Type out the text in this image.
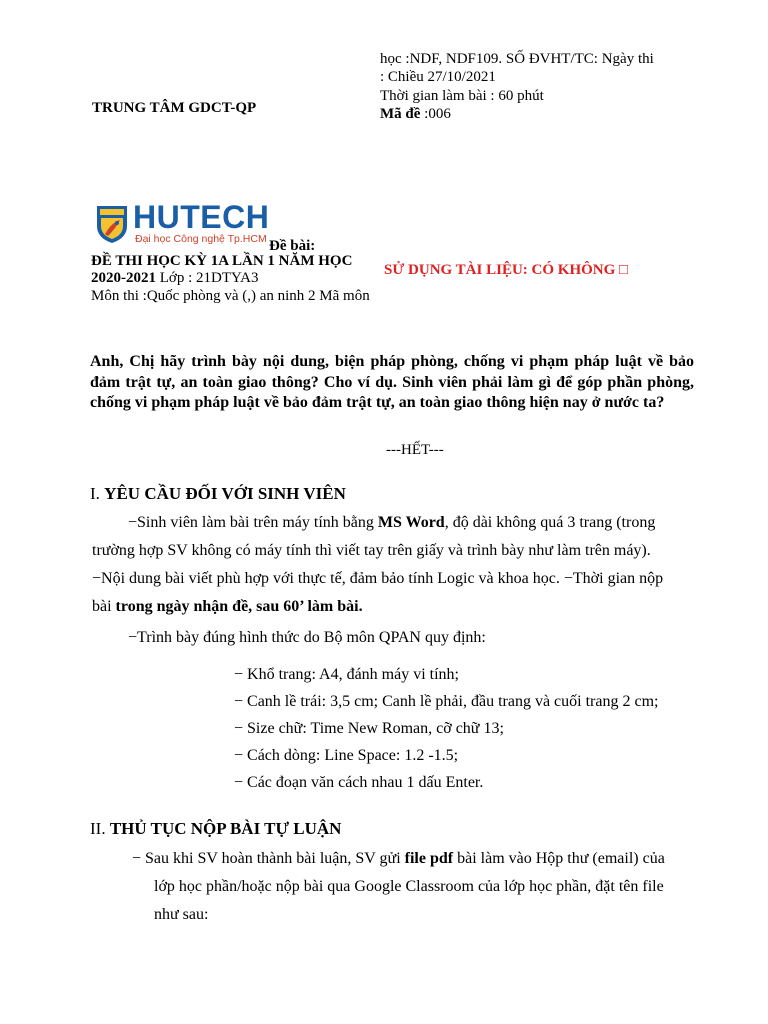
TRUNG TÂM GDCT-QP
học :NDF, NDF109. SỐ ĐVHT/TC: Ngày thi
: Chiều 27/10/2021
Thời gian làm bài : 60 phút
Mã đề :006
HUTECH
Đại học Công nghệ Tp.HCM Đề bài:
ĐỀ THI HỌC KỲ 1A LẦN 1 NĂM HỌC
2020-2021 Lớp : 21DTYA3
Môn thi :Quốc phòng và (,) an ninh 2 Mã môn
SỬ DỤNG TÀI LIỆU: CÓ KHÔNG □
Anh, Chị hãy trình bày nội dung, biện pháp phòng, chống vi phạm pháp luật về bảo đảm trật tự, an toàn giao thông? Cho ví dụ. Sinh viên phải làm gì để góp phần phòng, chống vi phạm pháp luật về bảo đảm trật tự, an toàn giao thông hiện nay ở nước ta?
---HẾT---
I. YÊU CẦU ĐỐI VỚI SINH VIÊN
−Sinh viên làm bài trên máy tính bằng MS Word, độ dài không quá 3 trang (trong
trường hợp SV không có máy tính thì viết tay trên giấy và trình bày như làm trên máy).
−Nội dung bài viết phù hợp với thực tế, đảm bảo tính Logic và khoa học. −Thời gian nộp
bài trong ngày nhận đề, sau 60’ làm bài.
−Trình bày đúng hình thức do Bộ môn QPAN quy định:
− Khổ trang: A4, đánh máy vi tính;
− Canh lề trái: 3,5 cm; Canh lề phải, đầu trang và cuối trang 2 cm;
− Size chữ: Time New Roman, cỡ chữ 13;
− Cách dòng: Line Space: 1.2 -1.5;
− Các đoạn văn cách nhau 1 dấu Enter.
II. THỦ TỤC NỘP BÀI TỰ LUẬN
− Sau khi SV hoàn thành bài luận, SV gửi file pdf bài làm vào Hộp thư (email) của
lớp học phần/hoặc nộp bài qua Google Classroom của lớp học phần, đặt tên file
như sau:
